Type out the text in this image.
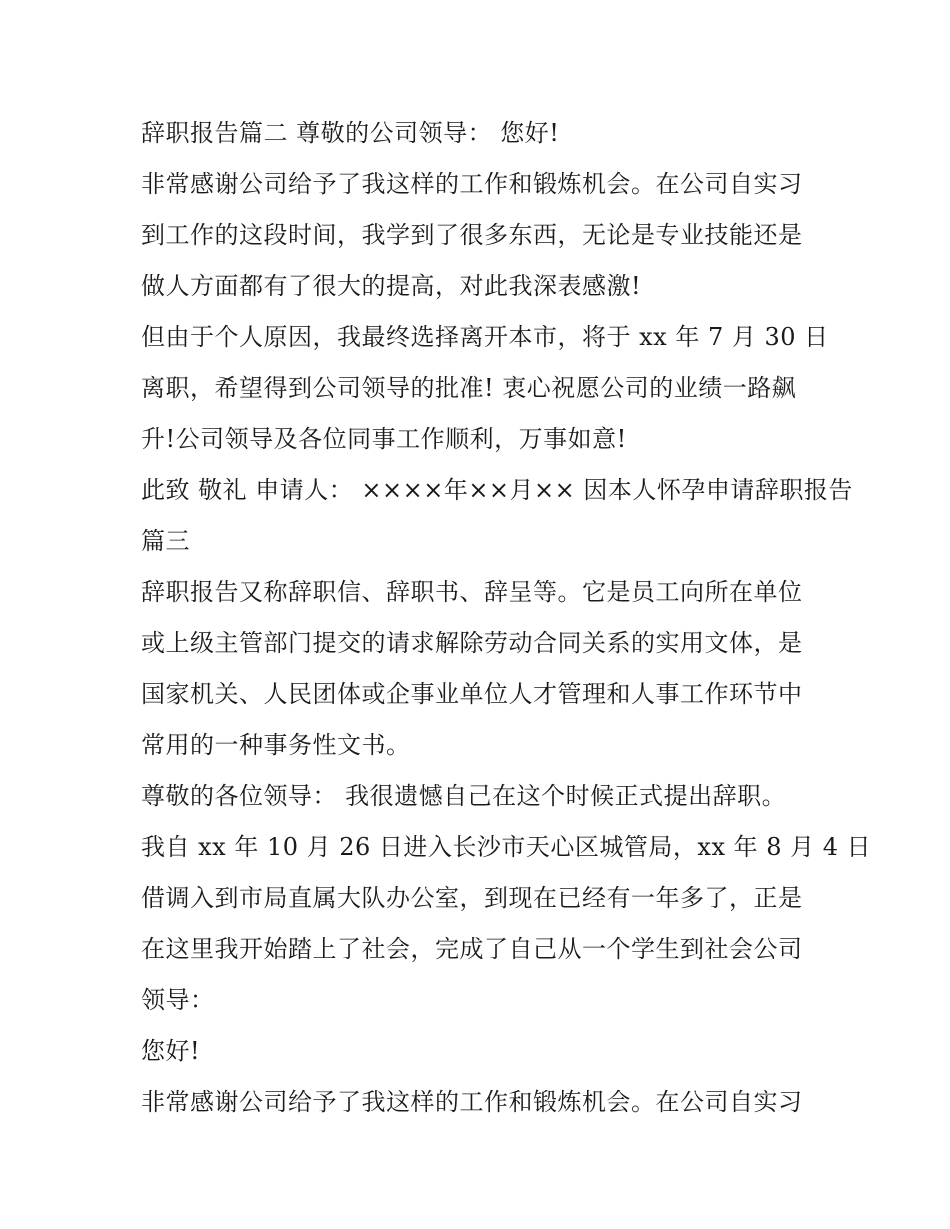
辞职报告篇二 尊敬的公司领导： 您好!
非常感谢公司给予了我这样的工作和锻炼机会。在公司自实习
到工作的这段时间，我学到了很多东西，无论是专业技能还是
做人方面都有了很大的提高，对此我深表感激!
但由于个人原因，我最终选择离开本市，将于 xx 年 7 月 30 日
离职，希望得到公司领导的批准! 衷心祝愿公司的业绩一路飙
升!公司领导及各位同事工作顺利，万事如意!
此致 敬礼 申请人： ××××年××月×× 因本人怀孕申请辞职报告
篇三
辞职报告又称辞职信、辞职书、辞呈等。它是员工向所在单位
或上级主管部门提交的请求解除劳动合同关系的实用文体，是
国家机关、人民团体或企事业单位人才管理和人事工作环节中
常用的一种事务性文书。
尊敬的各位领导： 我很遗憾自己在这个时候正式提出辞职。
我自 xx 年 10 月 26 日进入长沙市天心区城管局，xx 年 8 月 4 日
借调入到市局直属大队办公室，到现在已经有一年多了，正是
在这里我开始踏上了社会，完成了自己从一个学生到社会公司
领导：
您好!
非常感谢公司给予了我这样的工作和锻炼机会。在公司自实习
